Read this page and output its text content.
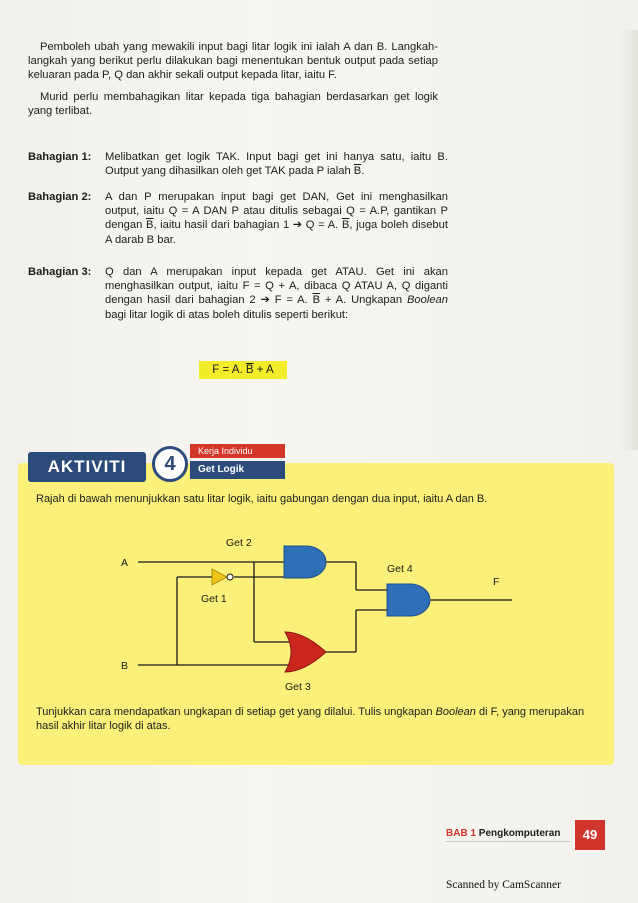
Pemboleh ubah yang mewakili input bagi litar logik ini ialah A dan B. Langkah-langkah yang berikut perlu dilakukan bagi menentukan bentuk output pada setiap keluaran pada P, Q dan akhir sekali output kepada litar, iaitu F.

Murid perlu membahagikan litar kepada tiga bahagian berdasarkan get logik yang terlibat.

Bahagian 1: Melibatkan get logik TAK. Input bagi get ini hanya satu, iaitu B. Output yang dihasilkan oleh get TAK pada P ialah $\overline{B}$.
Bahagian 2: A dan P merupakan input bagi get DAN, Get ini menghasilkan output, iaitu Q = A DAN P atau ditulis sebagai Q = A.P, gantikan P dengan $\overline{B}$, iaitu hasil dari bahagian 1 ➔ Q = A. $\overline{B}$, juga boleh disebut A darab B bar.
Bahagian 3: Q dan A merupakan input kepada get ATAU. Get ini akan menghasilkan output, iaitu F = Q + A, dibaca Q ATAU A, Q diganti dengan hasil dari bahagian 2 ➔ F = A. $\overline{B} + A$. Ungkapan Boolean bagi litar logik di atas boleh ditulis seperti berikut:
F = A. $\overline{B} + A$
AKTIVITI	4
Kerja Individu
Get Logik
Rajah di bawah menunjukkan satu litar logik, iaitu gabungan dengan dua input, iaitu A dan B.
Get 2
Get 1
Get 3
Get 4
A
B
F
Tunjukkan cara mendapatkan ungkapan di setiap get yang dilalui. Tulis ungkapan Boolean di F, yang merupakan hasil akhir litar logik di atas.
BAB 1 Pengkomputeran	49
Scanned by CamScanner
